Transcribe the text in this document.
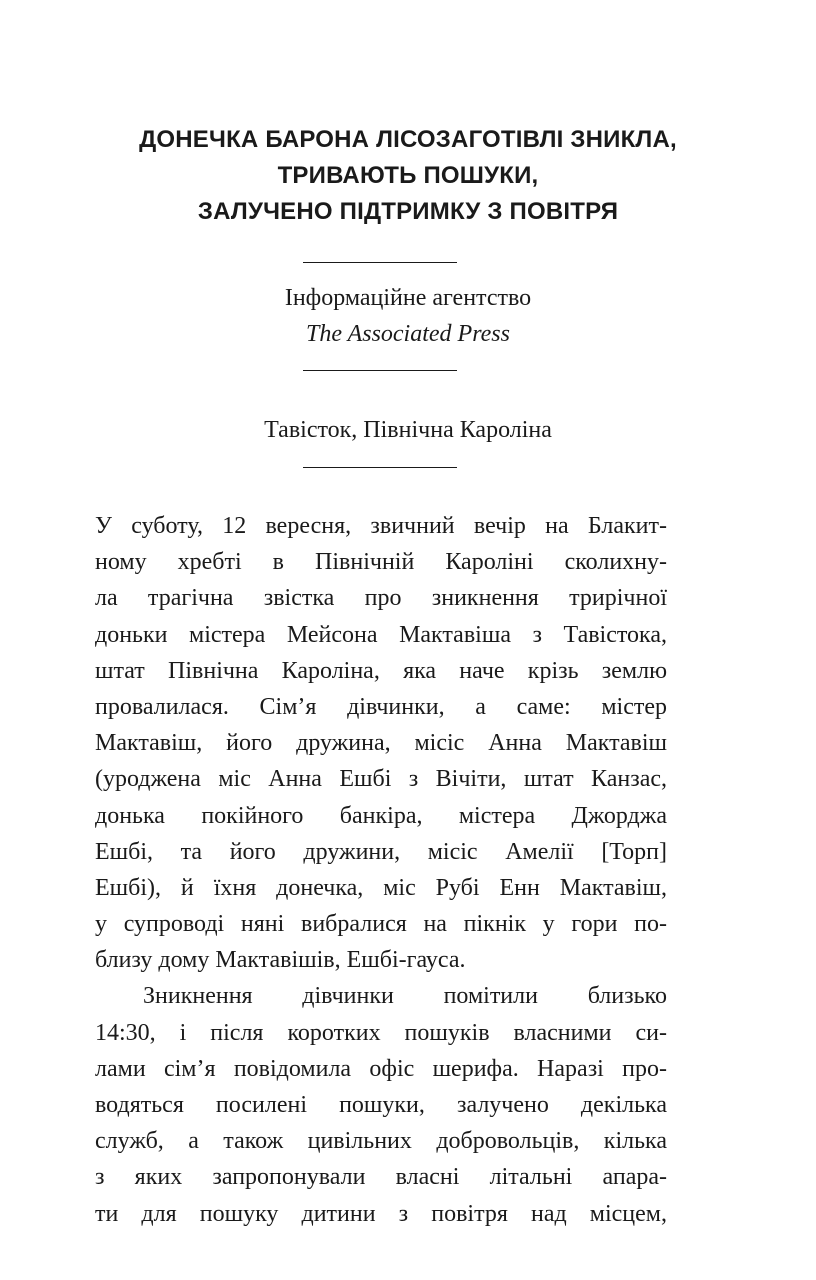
ДОНЕЧКА БАРОНА ЛІСОЗАГОТІВЛІ ЗНИКЛА,
ТРИВАЮТЬ ПОШУКИ,
ЗАЛУЧЕНО ПІДТРИМКУ З ПОВІТРЯ
Інформаційне агентство
The Associated Press
Тавісток, Північна Кароліна
У суботу, 12 вересня, звичний вечір на Блакит-
ному хребті в Північній Кароліні сколихну-
ла трагічна звістка про зникнення трирічної
доньки містера Мейсона Мактавіша з Тавістока,
штат Північна Кароліна, яка наче крізь землю
провалилася. Сім’я дівчинки, а саме: містер
Мактавіш, його дружина, місіс Анна Мактавіш
(уроджена міс Анна Ешбі з Вічіти, штат Канзас,
донька покійного банкіра, містера Джорджа
Ешбі, та його дружини, місіс Амелії [Торп]
Ешбі), й їхня донечка, міс Рубі Енн Мактавіш,
у супроводі няні вибралися на пікнік у гори по-
близу дому Мактавішів, Ешбі-гауса.
Зникнення дівчинки помітили близько
14:30, і після коротких пошуків власними си-
лами сім’я повідомила офіс шерифа. Наразі про-
водяться посилені пошуки, залучено декілька
служб, а також цивільних добровольців, кілька
з яких запропонували власні літальні апара-
ти для пошуку дитини з повітря над місцем,
